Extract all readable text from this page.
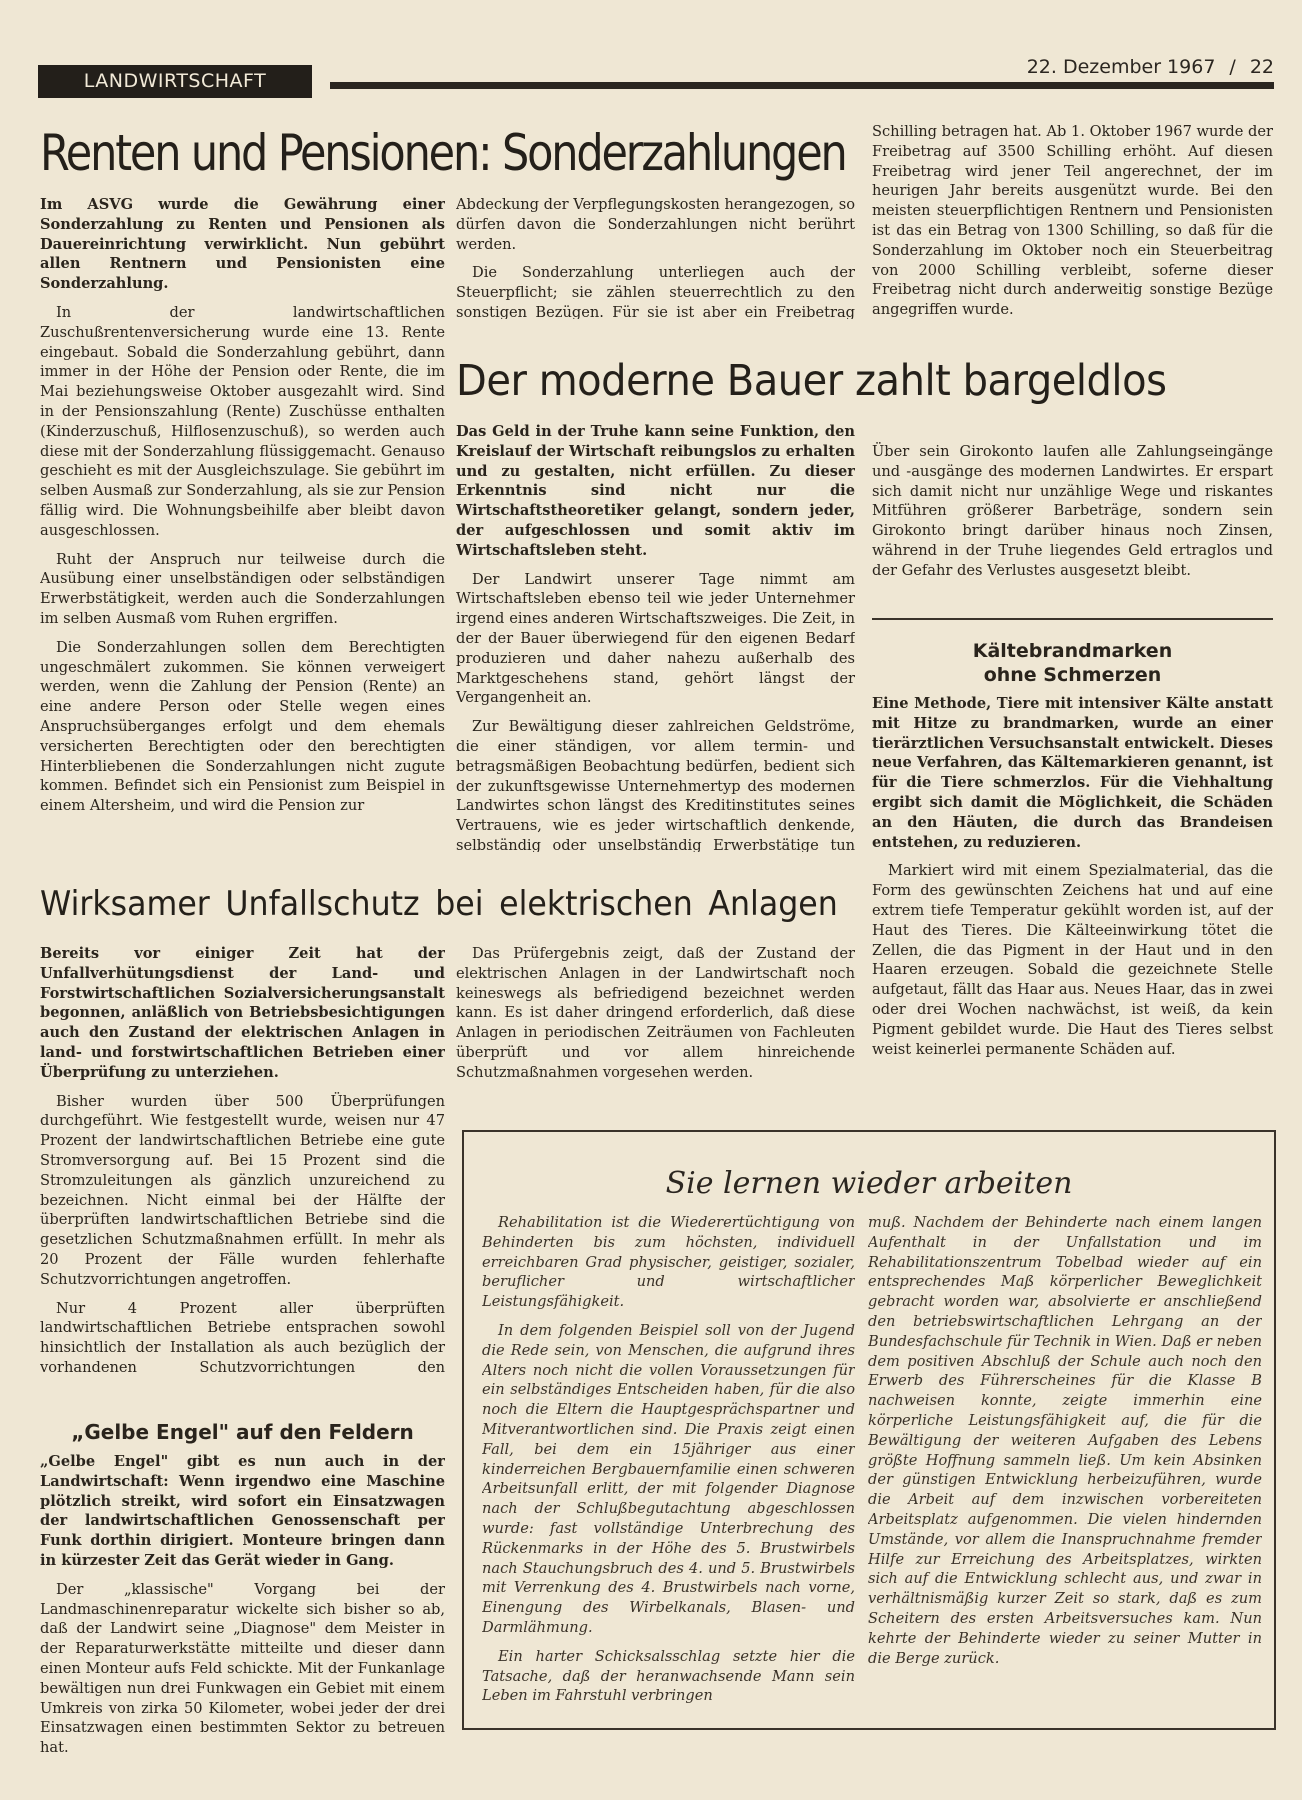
LANDWIRTSCHAFT
22. Dezember 1967 / 22
Renten und Pensionen: Sonderzahlungen

Im ASVG wurde die Gewährung einer Sonderzahlung zu Renten und Pensionen als Dauereinrichtung verwirklicht. Nun gebührt allen Rentnern und Pensionisten eine Sonderzahlung.

In der landwirtschaftlichen Zuschußrentenversicherung wurde eine 13. Rente eingebaut. Sobald die Sonderzahlung gebührt, dann immer in der Höhe der Pension oder Rente, die im Mai beziehungsweise Oktober ausgezahlt wird. Sind in der Pensionszahlung (Rente) Zuschüsse enthalten (Kinderzuschuß, Hilflosenzuschuß), so werden auch diese mit der Sonderzahlung flüssiggemacht. Genauso geschieht es mit der Ausgleichszulage. Sie gebührt im selben Ausmaß zur Sonderzahlung, als sie zur Pension fällig wird. Die Wohnungsbeihilfe aber bleibt davon ausgeschlossen.

Ruht der Anspruch nur teilweise durch die Ausübung einer unselbständigen oder selbständigen Erwerbstätigkeit, werden auch die Sonderzahlungen im selben Ausmaß vom Ruhen ergriffen.

Die Sonderzahlungen sollen dem Berechtigten ungeschmälert zukommen. Sie können verweigert werden, wenn die Zahlung der Pension (Rente) an eine andere Person oder Stelle wegen eines Anspruchsüberganges erfolgt und dem ehemals versicherten Berechtigten oder den berechtigten Hinterbliebenen die Sonderzahlungen nicht zugute kommen. Befindet sich ein Pensionist zum Beispiel in einem Altersheim, und wird die Pension zur

Abdeckung der Verpflegungskosten herangezogen, so dürfen davon die Sonderzahlungen nicht berührt werden.

Die Sonderzahlung unterliegen auch der Steuerpflicht; sie zählen steuerrechtlich zu den sonstigen Bezügen. Für sie ist aber ein Freibetrag

Schilling betragen hat. Ab 1. Oktober 1967 wurde der Freibetrag auf 3500 Schilling erhöht. Auf diesen Freibetrag wird jener Teil angerechnet, der im heurigen Jahr bereits ausgenützt wurde. Bei den meisten steuerpflichtigen Rentnern und Pensionisten ist das ein Betrag von 1300 Schilling, so daß für die Sonderzahlung im Oktober noch ein Steuerbeitrag von 2000 Schilling verbleibt, soferne dieser Freibetrag nicht durch anderweitig sonstige Bezüge angegriffen wurde.

Der moderne Bauer zahlt bargeldlos

Das Geld in der Truhe kann seine Funktion, den Kreislauf der Wirtschaft reibungslos zu erhalten und zu gestalten, nicht erfüllen. Zu dieser Erkenntnis sind nicht nur die Wirtschaftstheoretiker gelangt, sondern jeder, der aufgeschlossen und somit aktiv im Wirtschaftsleben steht.

Der Landwirt unserer Tage nimmt am Wirtschaftsleben ebenso teil wie jeder Unternehmer irgend eines anderen Wirtschaftszweiges. Die Zeit, in der der Bauer überwiegend für den eigenen Bedarf produzieren und daher nahezu außerhalb des Marktgeschehens stand, gehört längst der Vergangenheit an.

Zur Bewältigung dieser zahlreichen Geldströme, die einer ständigen, vor allem termin- und betragsmäßigen Beobachtung bedürfen, bedient sich der zukunftsgewisse Unternehmertyp des modernen Landwirtes schon längst des Kreditinstitutes seines Vertrauens, wie es jeder wirtschaftlich denkende, selbständig oder unselbständig Erwerbstätige tun

Über sein Girokonto laufen alle Zahlungseingänge und -ausgänge des modernen Landwirtes. Er erspart sich damit nicht nur unzählige Wege und riskantes Mitführen größerer Barbeträge, sondern sein Girokonto bringt darüber hinaus noch Zinsen, während in der Truhe liegendes Geld ertraglos und der Gefahr des Verlustes ausgesetzt bleibt.

Kältebrandmarken ohne Schmerzen

Eine Methode, Tiere mit intensiver Kälte anstatt mit Hitze zu brandmarken, wurde an einer tierärztlichen Versuchsanstalt entwickelt. Dieses neue Verfahren, das Kältemarkieren genannt, ist für die Tiere schmerzlos. Für die Viehhaltung ergibt sich damit die Möglichkeit, die Schäden an den Häuten, die durch das Brandeisen entstehen, zu reduzieren.

Markiert wird mit einem Spezialmaterial, das die Form des gewünschten Zeichens hat und auf eine extrem tiefe Temperatur gekühlt worden ist, auf der Haut des Tieres. Die Kälteeinwirkung tötet die Zellen, die das Pigment in der Haut und in den Haaren erzeugen. Sobald die gezeichnete Stelle aufgetaut, fällt das Haar aus. Neues Haar, das in zwei oder drei Wochen nachwächst, ist weiß, da kein Pigment gebildet wurde. Die Haut des Tieres selbst weist keinerlei permanente Schäden auf.

Wirksamer Unfallschutz bei elektrischen Anlagen

Bereits vor einiger Zeit hat der Unfallverhütungsdienst der Land- und Forstwirtschaftlichen Sozialversicherungsanstalt begonnen, anläßlich von Betriebsbesichtigungen auch den Zustand der elektrischen Anlagen in land- und forstwirtschaftlichen Betrieben einer Überprüfung zu unterziehen.

Bisher wurden über 500 Überprüfungen durchgeführt. Wie festgestellt wurde, weisen nur 47 Prozent der landwirtschaftlichen Betriebe eine gute Stromversorgung auf. Bei 15 Prozent sind die Stromzuleitungen als gänzlich unzureichend zu bezeichnen. Nicht einmal bei der Hälfte der überprüften landwirtschaftlichen Betriebe sind die gesetzlichen Schutzmaßnahmen erfüllt. In mehr als 20 Prozent der Fälle wurden fehlerhafte Schutzvorrichtungen angetroffen.

Nur 4 Prozent aller überprüften landwirtschaftlichen Betriebe entsprachen sowohl hinsichtlich der Installation als auch bezüglich der vorhandenen Schutzvorrichtungen den

Das Prüfergebnis zeigt, daß der Zustand der elektrischen Anlagen in der Landwirtschaft noch keineswegs als befriedigend bezeichnet werden kann. Es ist daher dringend erforderlich, daß diese Anlagen in periodischen Zeiträumen von Fachleuten überprüft und vor allem hinreichende Schutzmaßnahmen vorgesehen werden.

„Gelbe Engel" auf den Feldern

„Gelbe Engel" gibt es nun auch in der Landwirtschaft: Wenn irgendwo eine Maschine plötzlich streikt, wird sofort ein Einsatzwagen der landwirtschaftlichen Genossenschaft per Funk dorthin dirigiert. Monteure bringen dann in kürzester Zeit das Gerät wieder in Gang.

Der „klassische" Vorgang bei der Landmaschinenreparatur wickelte sich bisher so ab, daß der Landwirt seine „Diagnose" dem Meister in der Reparaturwerkstätte mitteilte und dieser dann einen Monteur aufs Feld schickte. Mit der Funkanlage bewältigen nun drei Funkwagen ein Gebiet mit einem Umkreis von zirka 50 Kilometer, wobei jeder der drei Einsatzwagen einen bestimmten Sektor zu betreuen hat.

Sie lernen wieder arbeiten

Rehabilitation ist die Wiederertüchtigung von Behinderten bis zum höchsten, individuell erreichbaren Grad physischer, geistiger, sozialer, beruflicher und wirtschaftlicher Leistungsfähigkeit.

In dem folgenden Beispiel soll von der Jugend die Rede sein, von Menschen, die aufgrund ihres Alters noch nicht die vollen Voraussetzungen für ein selbständiges Entscheiden haben, für die also noch die Eltern die Hauptgesprächspartner und Mitverantwortlichen sind. Die Praxis zeigt einen Fall, bei dem ein 15jähriger aus einer kinderreichen Bergbauernfamilie einen schweren Arbeitsunfall erlitt, der mit folgender Diagnose nach der Schlußbegutachtung abgeschlossen wurde: fast vollständige Unterbrechung des Rückenmarks in der Höhe des 5. Brustwirbels nach Stauchungsbruch des 4. und 5. Brustwirbels mit Verrenkung des 4. Brustwirbels nach vorne, Einengung des Wirbelkanals, Blasen- und Darmlähmung.

Ein harter Schicksalsschlag setzte hier die Tatsache, daß der heranwachsende Mann sein Leben im Fahrstuhl verbringen

muß. Nachdem der Behinderte nach einem langen Aufenthalt in der Unfallstation und im Rehabilitationszentrum Tobelbad wieder auf ein entsprechendes Maß körperlicher Beweglichkeit gebracht worden war, absolvierte er anschließend den betriebswirtschaftlichen Lehrgang an der Bundesfachschule für Technik in Wien. Daß er neben dem positiven Abschluß der Schule auch noch den Erwerb des Führerscheines für die Klasse B nachweisen konnte, zeigte immerhin eine körperliche Leistungsfähigkeit auf, die für die Bewältigung der weiteren Aufgaben des Lebens größte Hoffnung sammeln ließ. Um kein Absinken der günstigen Entwicklung herbeizuführen, wurde die Arbeit auf dem inzwischen vorbereiteten Arbeitsplatz aufgenommen. Die vielen hindernden Umstände, vor allem die Inanspruchnahme fremder Hilfe zur Erreichung des Arbeitsplatzes, wirkten sich auf die Entwicklung schlecht aus, und zwar in verhältnismäßig kurzer Zeit so stark, daß es zum Scheitern des ersten Arbeitsversuches kam. Nun kehrte der Behinderte wieder zu seiner Mutter in die Berge zurück.
